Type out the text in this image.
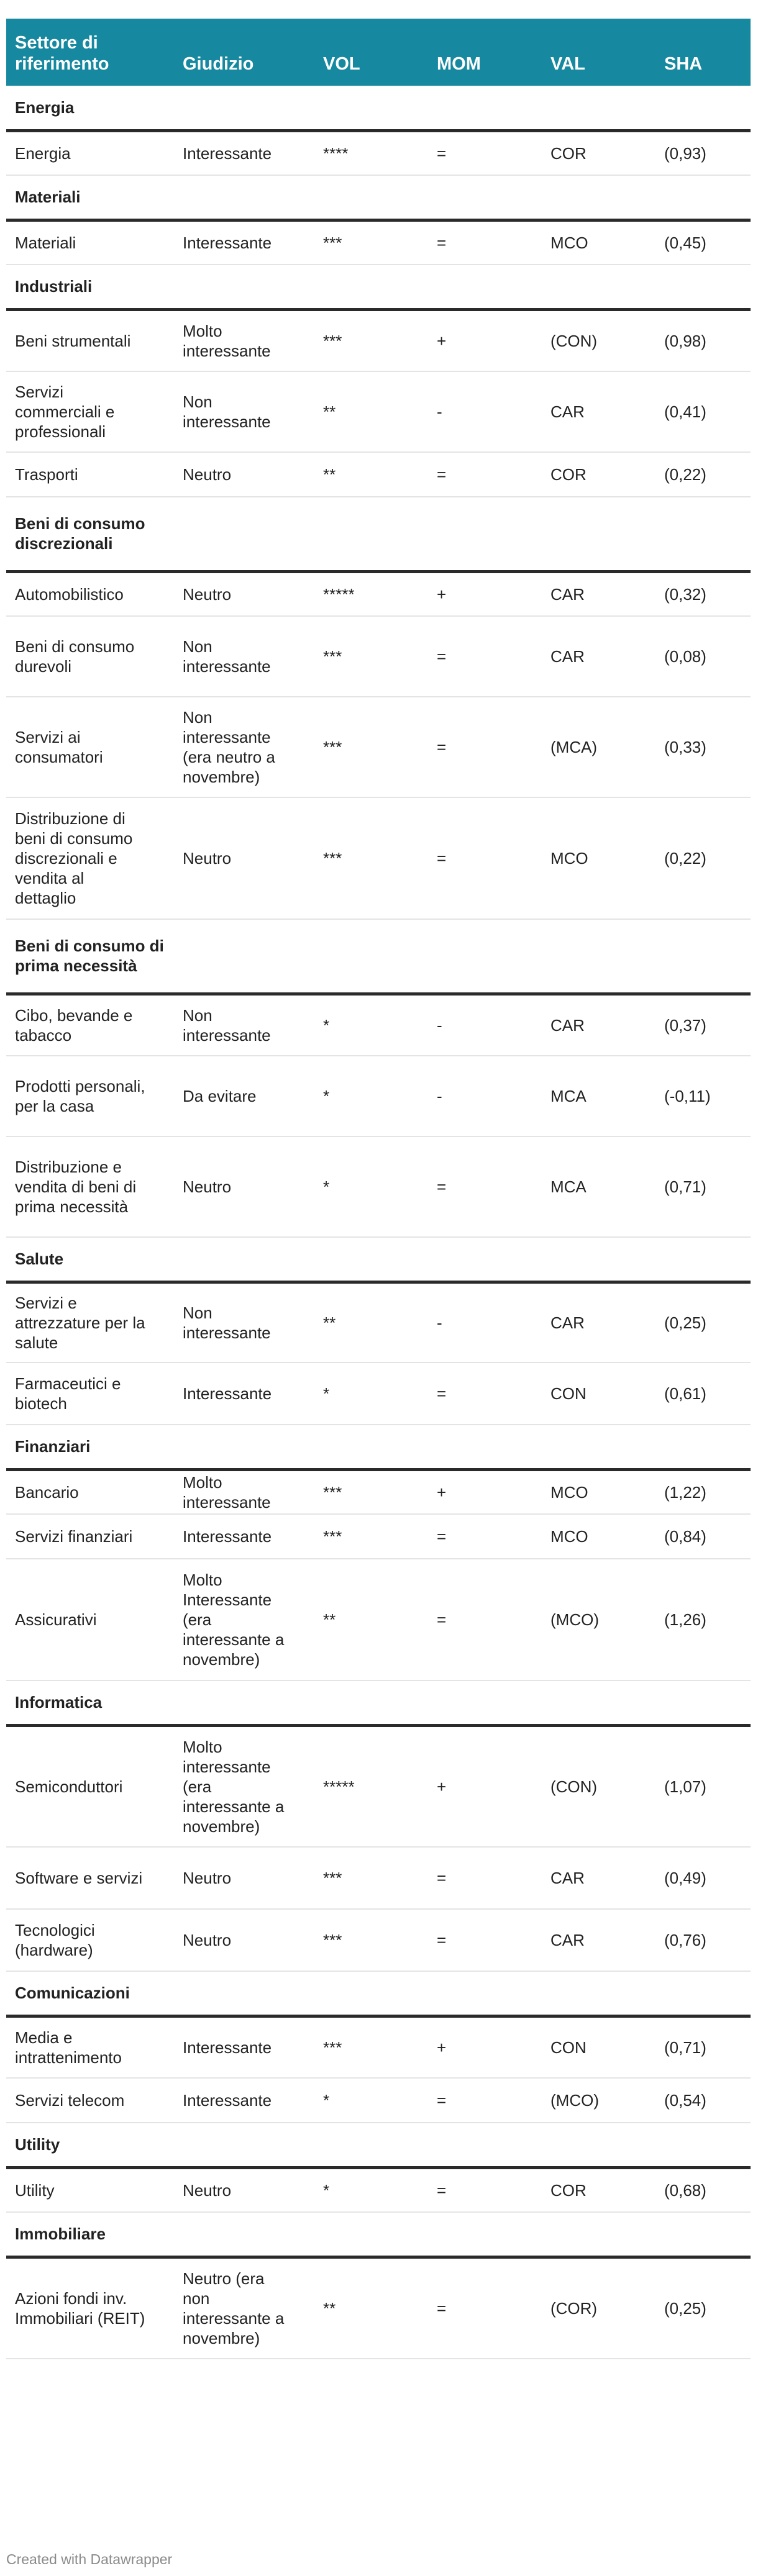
Settore di riferimento	Giudizio	VOL	MOM	VAL	SHA
Energia					
Energia	Interessante	****	=	COR	(0,93)
Materiali					
Materiali	Interessante	***	=	MCO	(0,45)
Industriali					
Beni strumentali	Molto interessante	***	+	(CON)	(0,98)
Servizi commerciali e professionali	Non interessante	**	-	CAR	(0,41)
Trasporti	Neutro	**	=	COR	(0,22)
Beni di consumo discrezionali					
Automobilistico	Neutro	*****	+	CAR	(0,32)
Beni di consumo durevoli	Non interessante	***	=	CAR	(0,08)
Servizi ai consumatori	Non interessante (era neutro a novembre)	***	=	(MCA)	(0,33)
Distribuzione di beni di consumo discrezionali e vendita al dettaglio	Neutro	***	=	MCO	(0,22)
Beni di consumo di prima necessità					
Cibo, bevande e tabacco	Non interessante	*	-	CAR	(0,37)
Prodotti personali, per la casa	Da evitare	*	-	MCA	(-0,11)
Distribuzione e vendita di beni di prima necessità	Neutro	*	=	MCA	(0,71)
Salute					
Servizi e attrezzature per la salute	Non interessante	**	-	CAR	(0,25)
Farmaceutici e biotech	Interessante	*	=	CON	(0,61)
Finanziari					
Bancario	Molto interessante	***	+	MCO	(1,22)
Servizi finanziari	Interessante	***	=	MCO	(0,84)
Assicurativi	Molto Interessante (era interessante a novembre)	**	=	(MCO)	(1,26)
Informatica					
Semiconduttori	Molto interessante (era interessante a novembre)	*****	+	(CON)	(1,07)
Software e servizi	Neutro	***	=	CAR	(0,49)
Tecnologici (hardware)	Neutro	***	=	CAR	(0,76)
Comunicazioni					
Media e intrattenimento	Interessante	***	+	CON	(0,71)
Servizi telecom	Interessante	*	=	(MCO)	(0,54)
Utility					
Utility	Neutro	*	=	COR	(0,68)
Immobiliare					
Azioni fondi inv. Immobiliari (REIT)	Neutro (era non interessante a novembre)	**	=	(COR)	(0,25)
Created with Datawrapper
